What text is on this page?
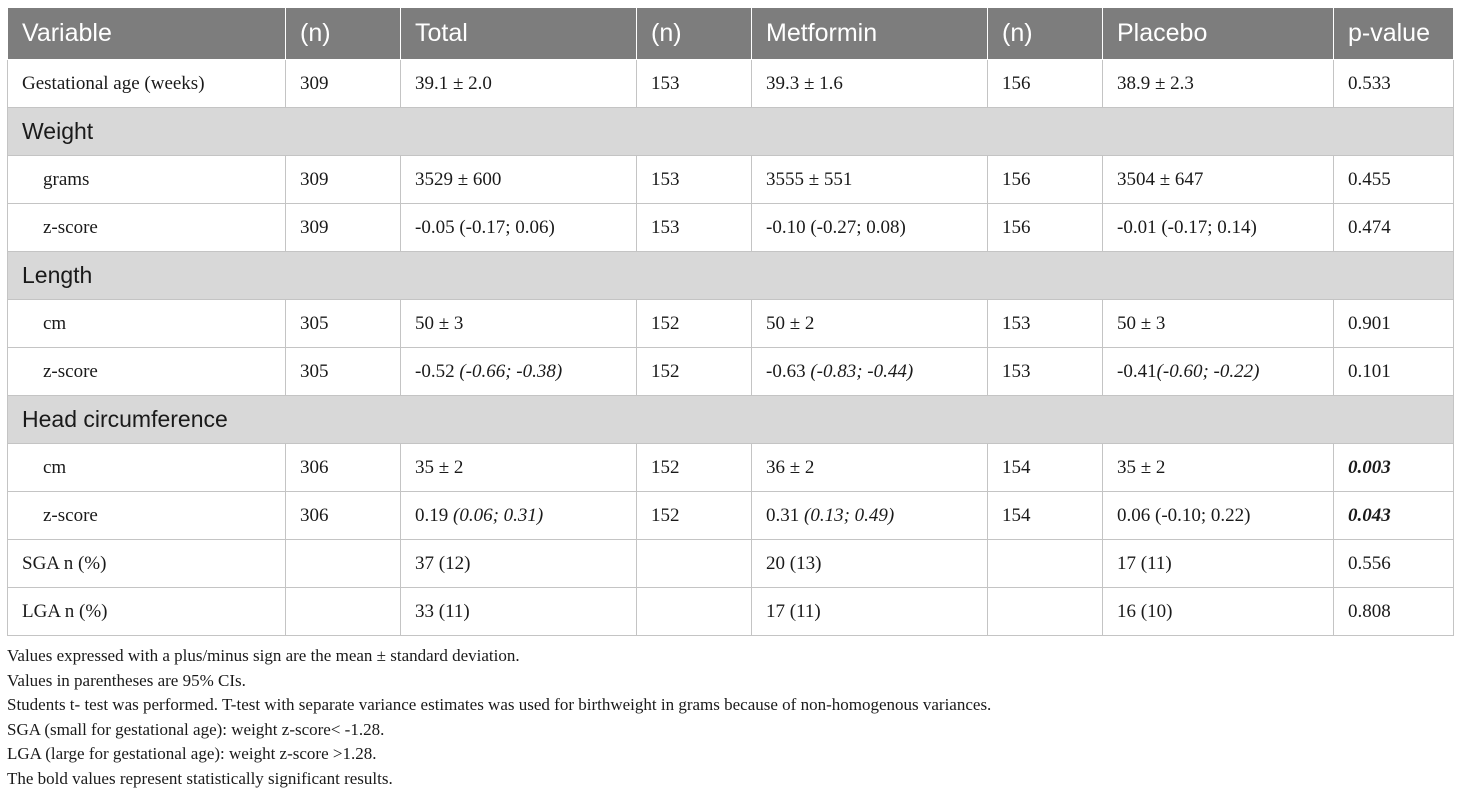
Variable	(n)	Total	(n)	Metformin	(n)	Placebo	p-value
Gestational age (weeks)	309	39.1 ± 2.0	153	39.3 ± 1.6	156	38.9 ± 2.3	0.533
Weight							
grams	309	3529 ± 600	153	3555 ± 551	156	3504 ± 647	0.455
z-score	309	-0.05 (-0.17; 0.06)	153	-0.10 (-0.27; 0.08)	156	-0.01 (-0.17; 0.14)	0.474
Length							
cm	305	50 ± 3	152	50 ± 2	153	50 ± 3	0.901
z-score	305	-0.52 (-0.66; -0.38)	152	-0.63 (-0.83; -0.44)	153	-0.41(-0.60; -0.22)	0.101
Head circumference							
cm	306	35 ± 2	152	36 ± 2	154	35 ± 2	0.003
z-score	306	0.19 (0.06; 0.31)	152	0.31 (0.13; 0.49)	154	0.06 (-0.10; 0.22)	0.043
SGA n (%)		37 (12)		20 (13)		17 (11)	0.556
LGA n (%)		33 (11)		17 (11)		16 (10)	0.808
Values expressed with a plus/minus sign are the mean ± standard deviation.
Values in parentheses are 95% CIs.
Students t- test was performed. T-test with separate variance estimates was used for birthweight in grams because of non-homogenous variances.
SGA (small for gestational age): weight z-score< -1.28.
LGA (large for gestational age): weight z-score >1.28.
The bold values represent statistically significant results.
